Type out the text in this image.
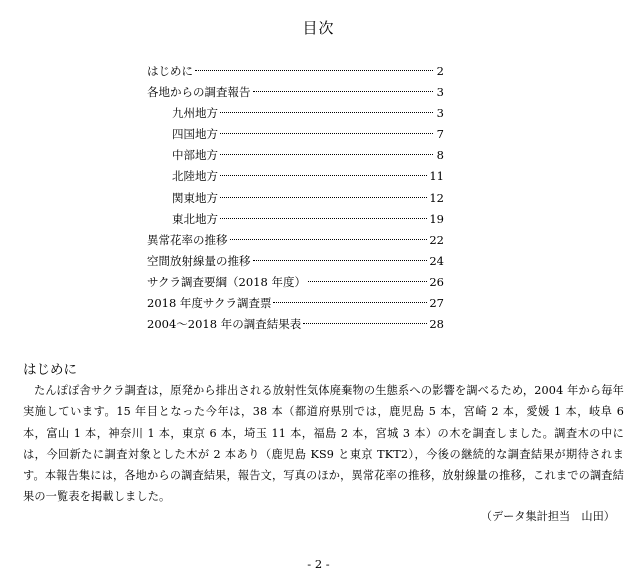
目次
はじめに	2
各地からの調査報告	3
九州地方	3
四国地方	7
中部地方	8
北陸地方	11
関東地方	12
東北地方	19
異常花率の推移	22
空間放射線量の推移	24
サクラ調査要綱（2018 年度）	26
2018 年度サクラ調査票	27
2004～2018 年の調査結果表	28
はじめに
たんぽぽ舎サクラ調査は，原発から排出される放射性気体廃棄物の生態系への影響を調べるため，2004 年から毎年実施しています。15 年目となった今年は，38 本（都道府県別では，鹿児島 5 本，宮崎 2 本，愛媛 1 本，岐阜 6 本，富山 1 本，神奈川 1 本，東京 6 本，埼玉 11 本，福島 2 本，宮城 3 本）の木を調査しました。調査木の中には，今回新たに調査対象とした木が 2 本あり（鹿児島 KS9 と東京 TKT2），今後の継続的な調査結果が期待されます。本報告集には，各地からの調査結果，報告文，写真のほか，異常花率の推移，放射線量の推移，これまでの調査結果の一覧表を掲載しました。
（データ集計担当　山田）
- 2 -
